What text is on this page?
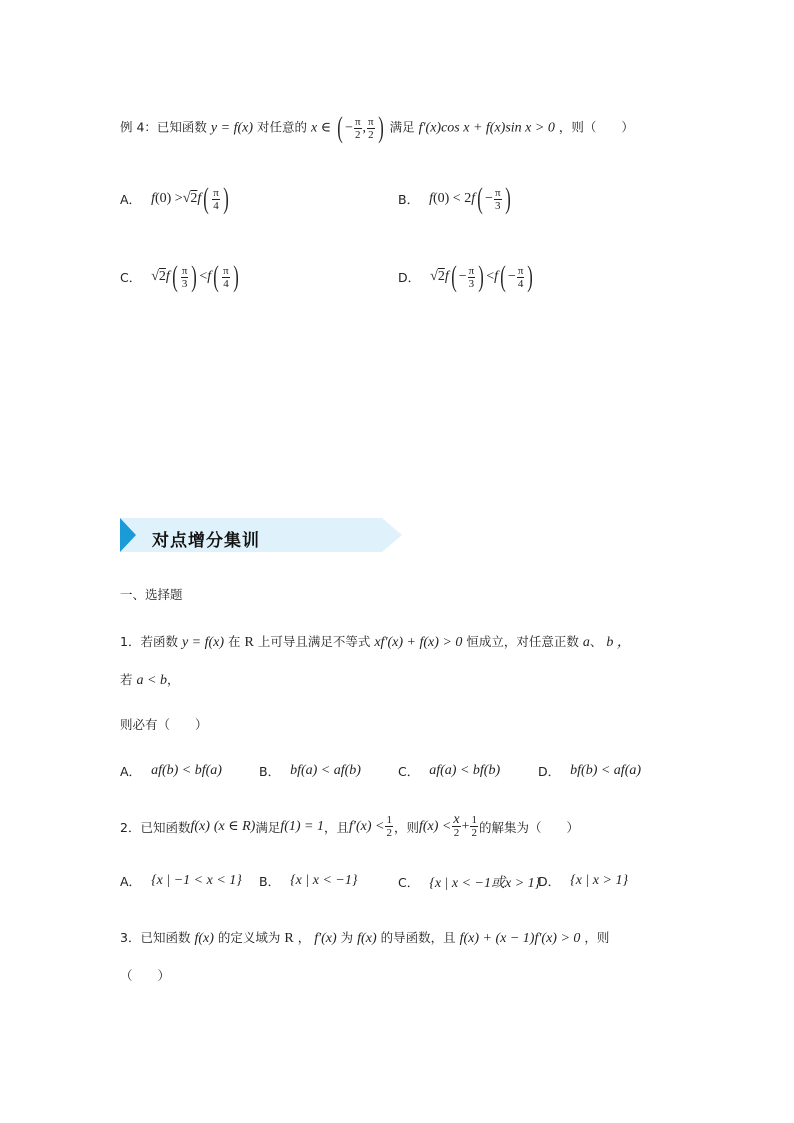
例 4：已知函数 y = f(x) 对任意的 x ∈ ( − $\frac{\pi}{2}$ , $\frac{\pi}{2}$ ) 满足 f′(x)cos x + f(x)sin x > 0 ，则（　　）
A． f (0) > √2 f ( $\frac{\pi}{4}$ )	B． f (0) < 2 f ( − $\frac{\pi}{3}$ )
C． √2 f ( $\frac{\pi}{3}$ ) < f ( $\frac{\pi}{4}$ )	D． √2 f ( − $\frac{\pi}{3}$ ) < f ( − $\frac{\pi}{4}$ )
对点增分集训
一、选择题
1．若函数 y = f(x) 在 R 上可导且满足不等式 xf′(x) + f(x) > 0 恒成立，对任意正数 a、 b ，
若 a < b，
则必有（　　）
A． af(b) < bf(a)	B． bf(a) < af(b)	C． af(a) < bf(b)	D． bf(b) < af(a)
2．已知函数 f(x)
(x ∈ R) 满足 f(1) = 1 ，且 $f'(x) < \frac{1}{2}$ ，则 $f(x) < \frac{x}{2} + \frac{1}{2}$ 的解集为（　　）
A． {x | −1 < x < 1} B． {x | x < −1}	C． {x | x < −1或x > 1}
D． {x | x > 1}
3．已知函数 f(x) 的定义域为 R ， f′(x) 为 f(x) 的导函数，且 f(x) + (x − 1)f′(x) > 0 ，则
（　　）
